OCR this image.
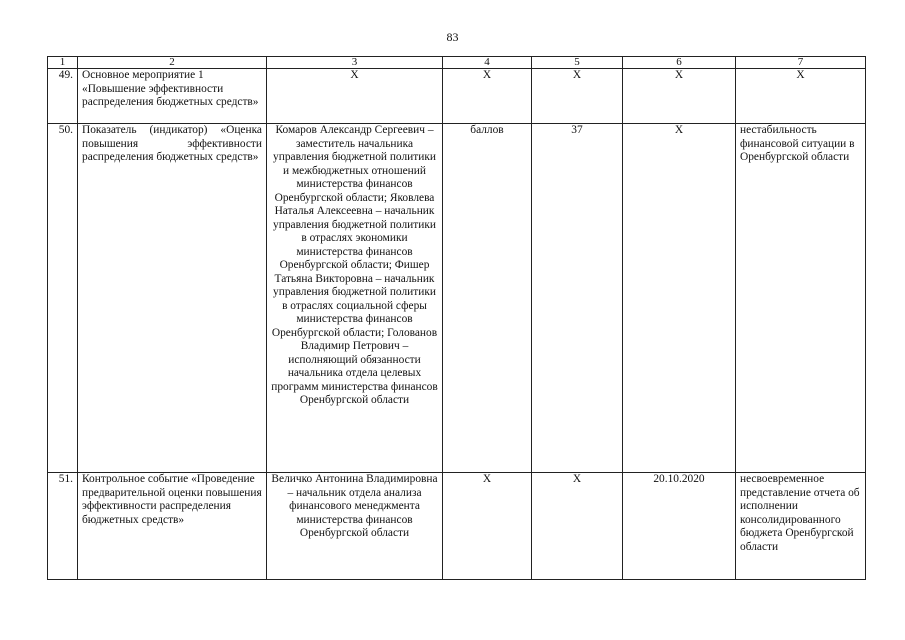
83
1	2	3	4	5	6	7
49.	Основное мероприятие 1 «Повышение эффективности распределения бюджетных средств»	X	X	X	X	X
50.	Показатель (индикатор) «Оценка повышения эффективности распределения бюджетных средств»	Комаров Александр Сергеевич – заместитель начальника управления бюджетной политики и межбюджетных отношений министерства финансов Оренбургской области; Яковлева Наталья Алексеевна – начальник управления бюджетной политики в отраслях экономики министерства финансов Оренбургской области; Фишер Татьяна Викторовна – начальник управления бюджетной политики в отраслях социальной сферы министерства финансов Оренбургской области; Голованов Владимир Петрович – исполняющий обязанности начальника отдела целевых программ министерства финансов Оренбургской области	баллов	37	X	нестабильность финансовой ситуации в Оренбургской области
51.	Контрольное событие «Проведение предварительной оценки повышения эффективности распределения бюджетных средств»	Величко Антонина Владимировна – начальник отдела анализа финансового менеджмента министерства финансов Оренбургской области	X	X	20.10.2020	несвоевременное представление отчета об исполнении консолидированного бюджета Оренбургской области
